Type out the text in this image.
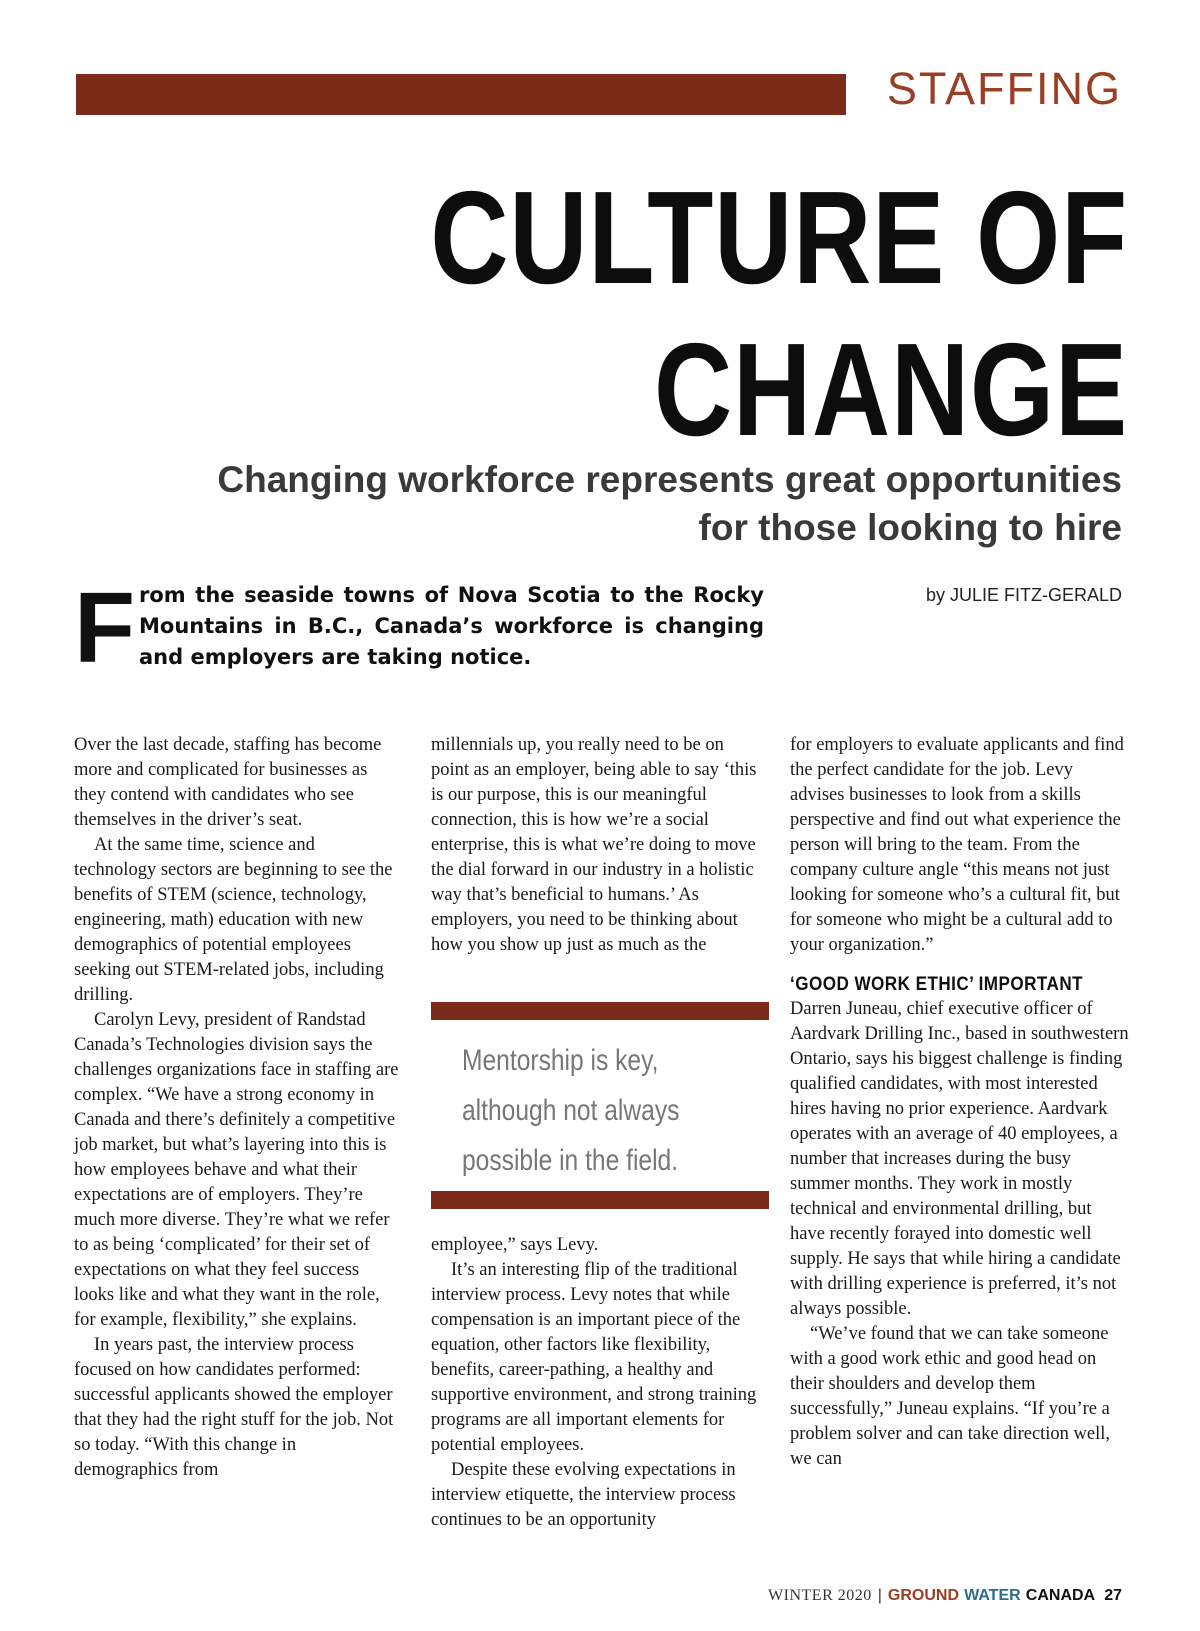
STAFFING
CULTURE OF
CHANGE
Changing workforce represents great opportunities
for those looking to hire
F rom the seaside towns of Nova Scotia to the Rocky Mountains in B.C., Canada’s workforce is changing and employers are taking notice.
by JULIE FITZ-GERALD

Over the last decade, staffing has become more and complicated for businesses as they contend with candidates who see themselves in the driver’s seat.

At the same time, science and technology sectors are beginning to see the benefits of STEM (science, technology, engineering, math) education with new demographics of potential employees seeking out STEM-related jobs, including drilling.

Carolyn Levy, president of Randstad Canada’s Technologies division says the challenges organizations face in staffing are complex. “We have a strong economy in Canada and there’s definitely a competitive job market, but what’s layering into this is how employees behave and what their expectations are of employers. They’re much more diverse. They’re what we refer to as being ‘complicated’ for their set of expectations on what they feel success looks like and what they want in the role, for example, flexibility,” she explains.

In years past, the interview process focused on how candidates performed: successful applicants showed the employer that they had the right stuff for the job. Not so today. “With this change in demographics from

millennials up, you really need to be on point as an employer, being able to say ‘this is our purpose, this is our meaningful connection, this is how we’re a social enterprise, this is what we’re doing to move the dial forward in our industry in a holistic way that’s beneficial to humans.’ As employers, you need to be thinking about how you show up just as much as the

Mentorship is key,
although not always
possible in the field.

employee,” says Levy.

It’s an interesting flip of the traditional interview process. Levy notes that while compensation is an important piece of the equation, other factors like flexibility, benefits, career-pathing, a healthy and supportive environment, and strong training programs are all important elements for potential employees.

Despite these evolving expectations in interview etiquette, the interview process continues to be an opportunity

for employers to evaluate applicants and find the perfect candidate for the job. Levy advises businesses to look from a skills perspective and find out what experience the person will bring to the team. From the company culture angle “this means not just looking for someone who’s a cultural fit, but for someone who might be a cultural add to your organization.”

‘GOOD WORK ETHIC’ IMPORTANT

Darren Juneau, chief executive officer of Aardvark Drilling Inc., based in southwestern Ontario, says his biggest challenge is finding qualified candidates, with most interested hires having no prior experience. Aardvark operates with an average of 40 employees, a number that increases during the busy summer months. They work in mostly technical and environmental drilling, but have recently forayed into domestic well supply. He says that while hiring a candidate with drilling experience is preferred, it’s not always possible.

“We’ve found that we can take someone with a good work ethic and good head on their shoulders and develop them successfully,” Juneau explains. “If you’re a problem solver and can take direction well, we can

WINTER 2020 | GROUND WATER CANADA 27
